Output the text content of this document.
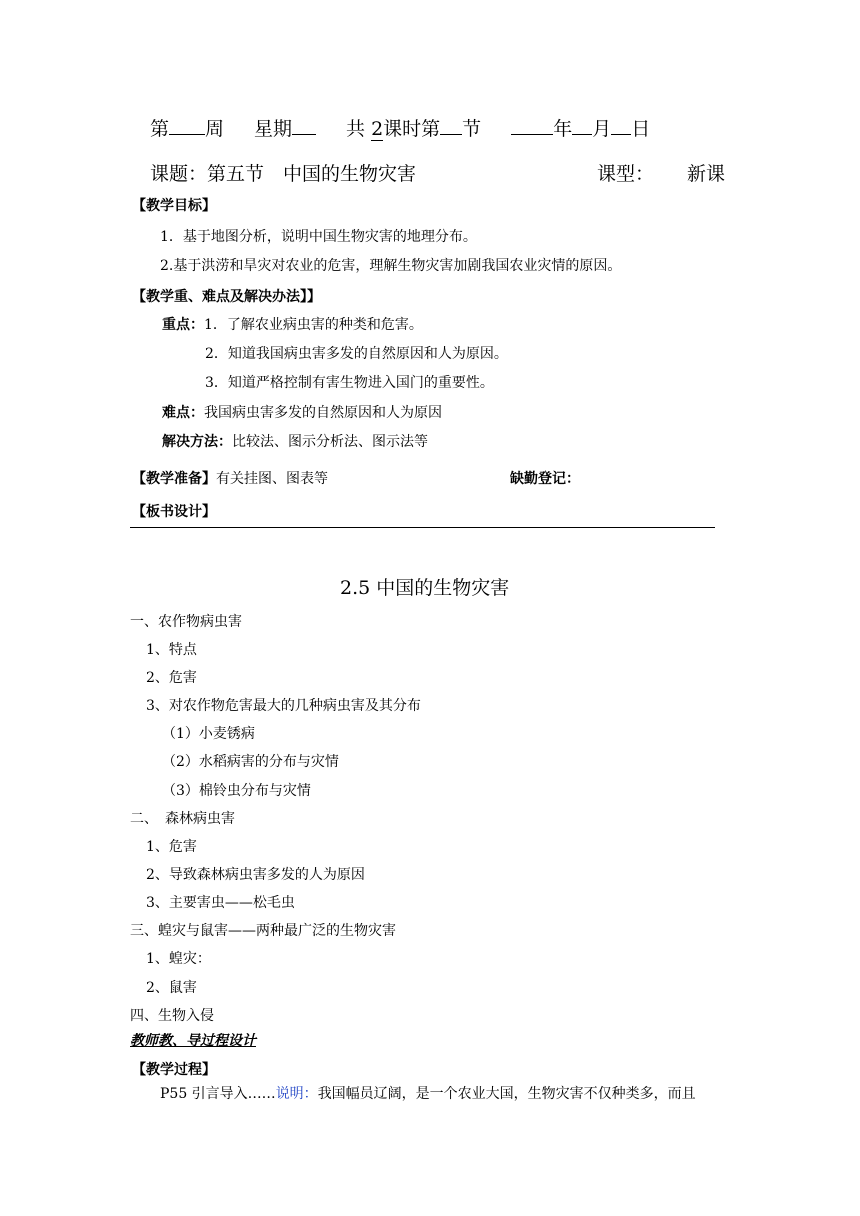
第 周 星期	共 2课时第 节	年 月 日
课题：第五节　中国的生物灾害	课型： 新课
【教学目标】
1．基于地图分析，说明中国生物灾害的地理分布。
2.基于洪涝和旱灾对农业的危害，理解生物灾害加剧我国农业灾情的原因。
【教学重、难点及解决办法】】
重点：1．了解农业病虫害的种类和危害。
2．知道我国病虫害多发的自然原因和人为原因。
3．知道严格控制有害生物进入国门的重要性。
难点：我国病虫害多发的自然原因和人为原因
解决方法：比较法、图示分析法、图示法等
【教学准备】有关挂图、图表等	缺勤登记：
【板书设计】
2.5 中国的生物灾害
一、农作物病虫害
1、特点
2、危害
3、对农作物危害最大的几种病虫害及其分布
（1）小麦锈病
（2）水稻病害的分布与灾情
（3）棉铃虫分布与灾情
二、　森林病虫害
1、危害
2、导致森林病虫害多发的人为原因
3、主要害虫——松毛虫
三、蝗灾与鼠害——两种最广泛的生物灾害
1、蝗灾：
2、鼠害
四、生物入侵
教师教、导过程设计
【教学过程】
P55 引言导入……说明：我国幅员辽阔，是一个农业大国，生物灾害不仅种类多，而且
